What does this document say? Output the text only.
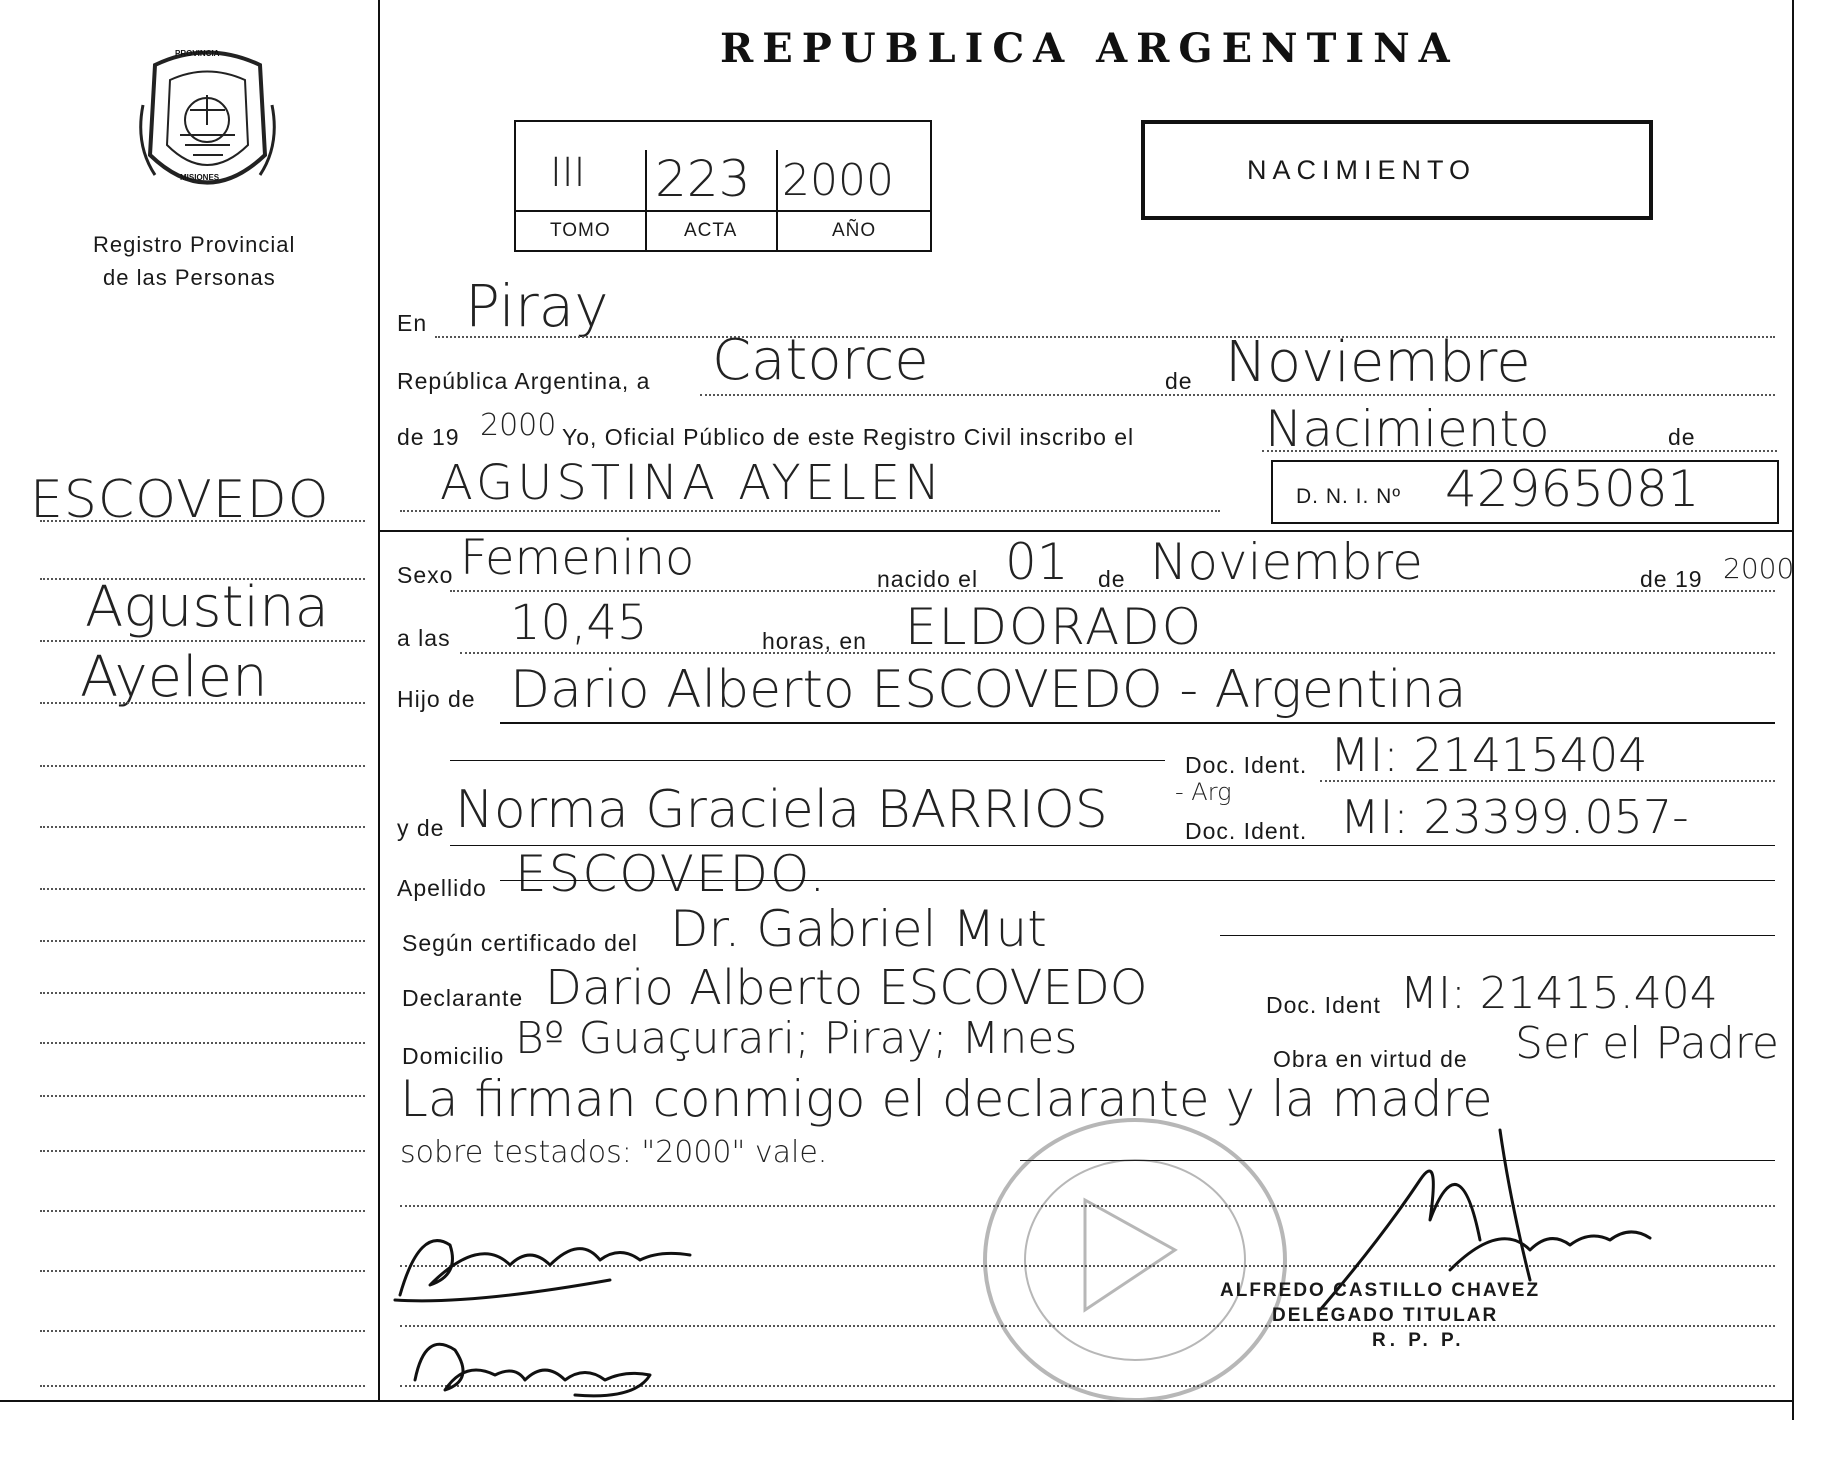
PROVINCIA
MISIONES
Registro Provincial
de las Personas
REPUBLICA ARGENTINA
III 223 2000
TOMO	ACTA	AÑO
NACIMIENTO
ESCOVEDO
Agustina
Ayelen
En Piray
República Argentina, a Catorce	de Noviembre
de 19 2000 Yo, Oficial Público de este Registro Civil inscribo el	Nacimiento	de
AGUSTINA AYELEN	D. N. I. Nº 42965081
Sexo Femenino	nacido el 01 de Noviembre	de 19 2000
a las 10,45	horas, en ELDORADO
Hijo de Dario Alberto ESCOVEDO - Argentina
Doc. Ident. MI: 21415404
y de Norma Graciela BARRIOS	- Arg
Doc. Ident. MI: 23399.057-
Apellido ESCOVEDO.
Según certificado del Dr. Gabriel Mut
Declarante Dario Alberto ESCOVEDO	Doc. Ident MI: 21415.404
Domicilio Bº Guaçurari; Piray; Mnes	Obra en virtud de Ser el Padre
La firman conmigo el declarante y la madre
sobre testados: "2000" vale.
ALFREDO CASTILLO CHAVEZ
DELEGADO TITULAR
R. P. P.
